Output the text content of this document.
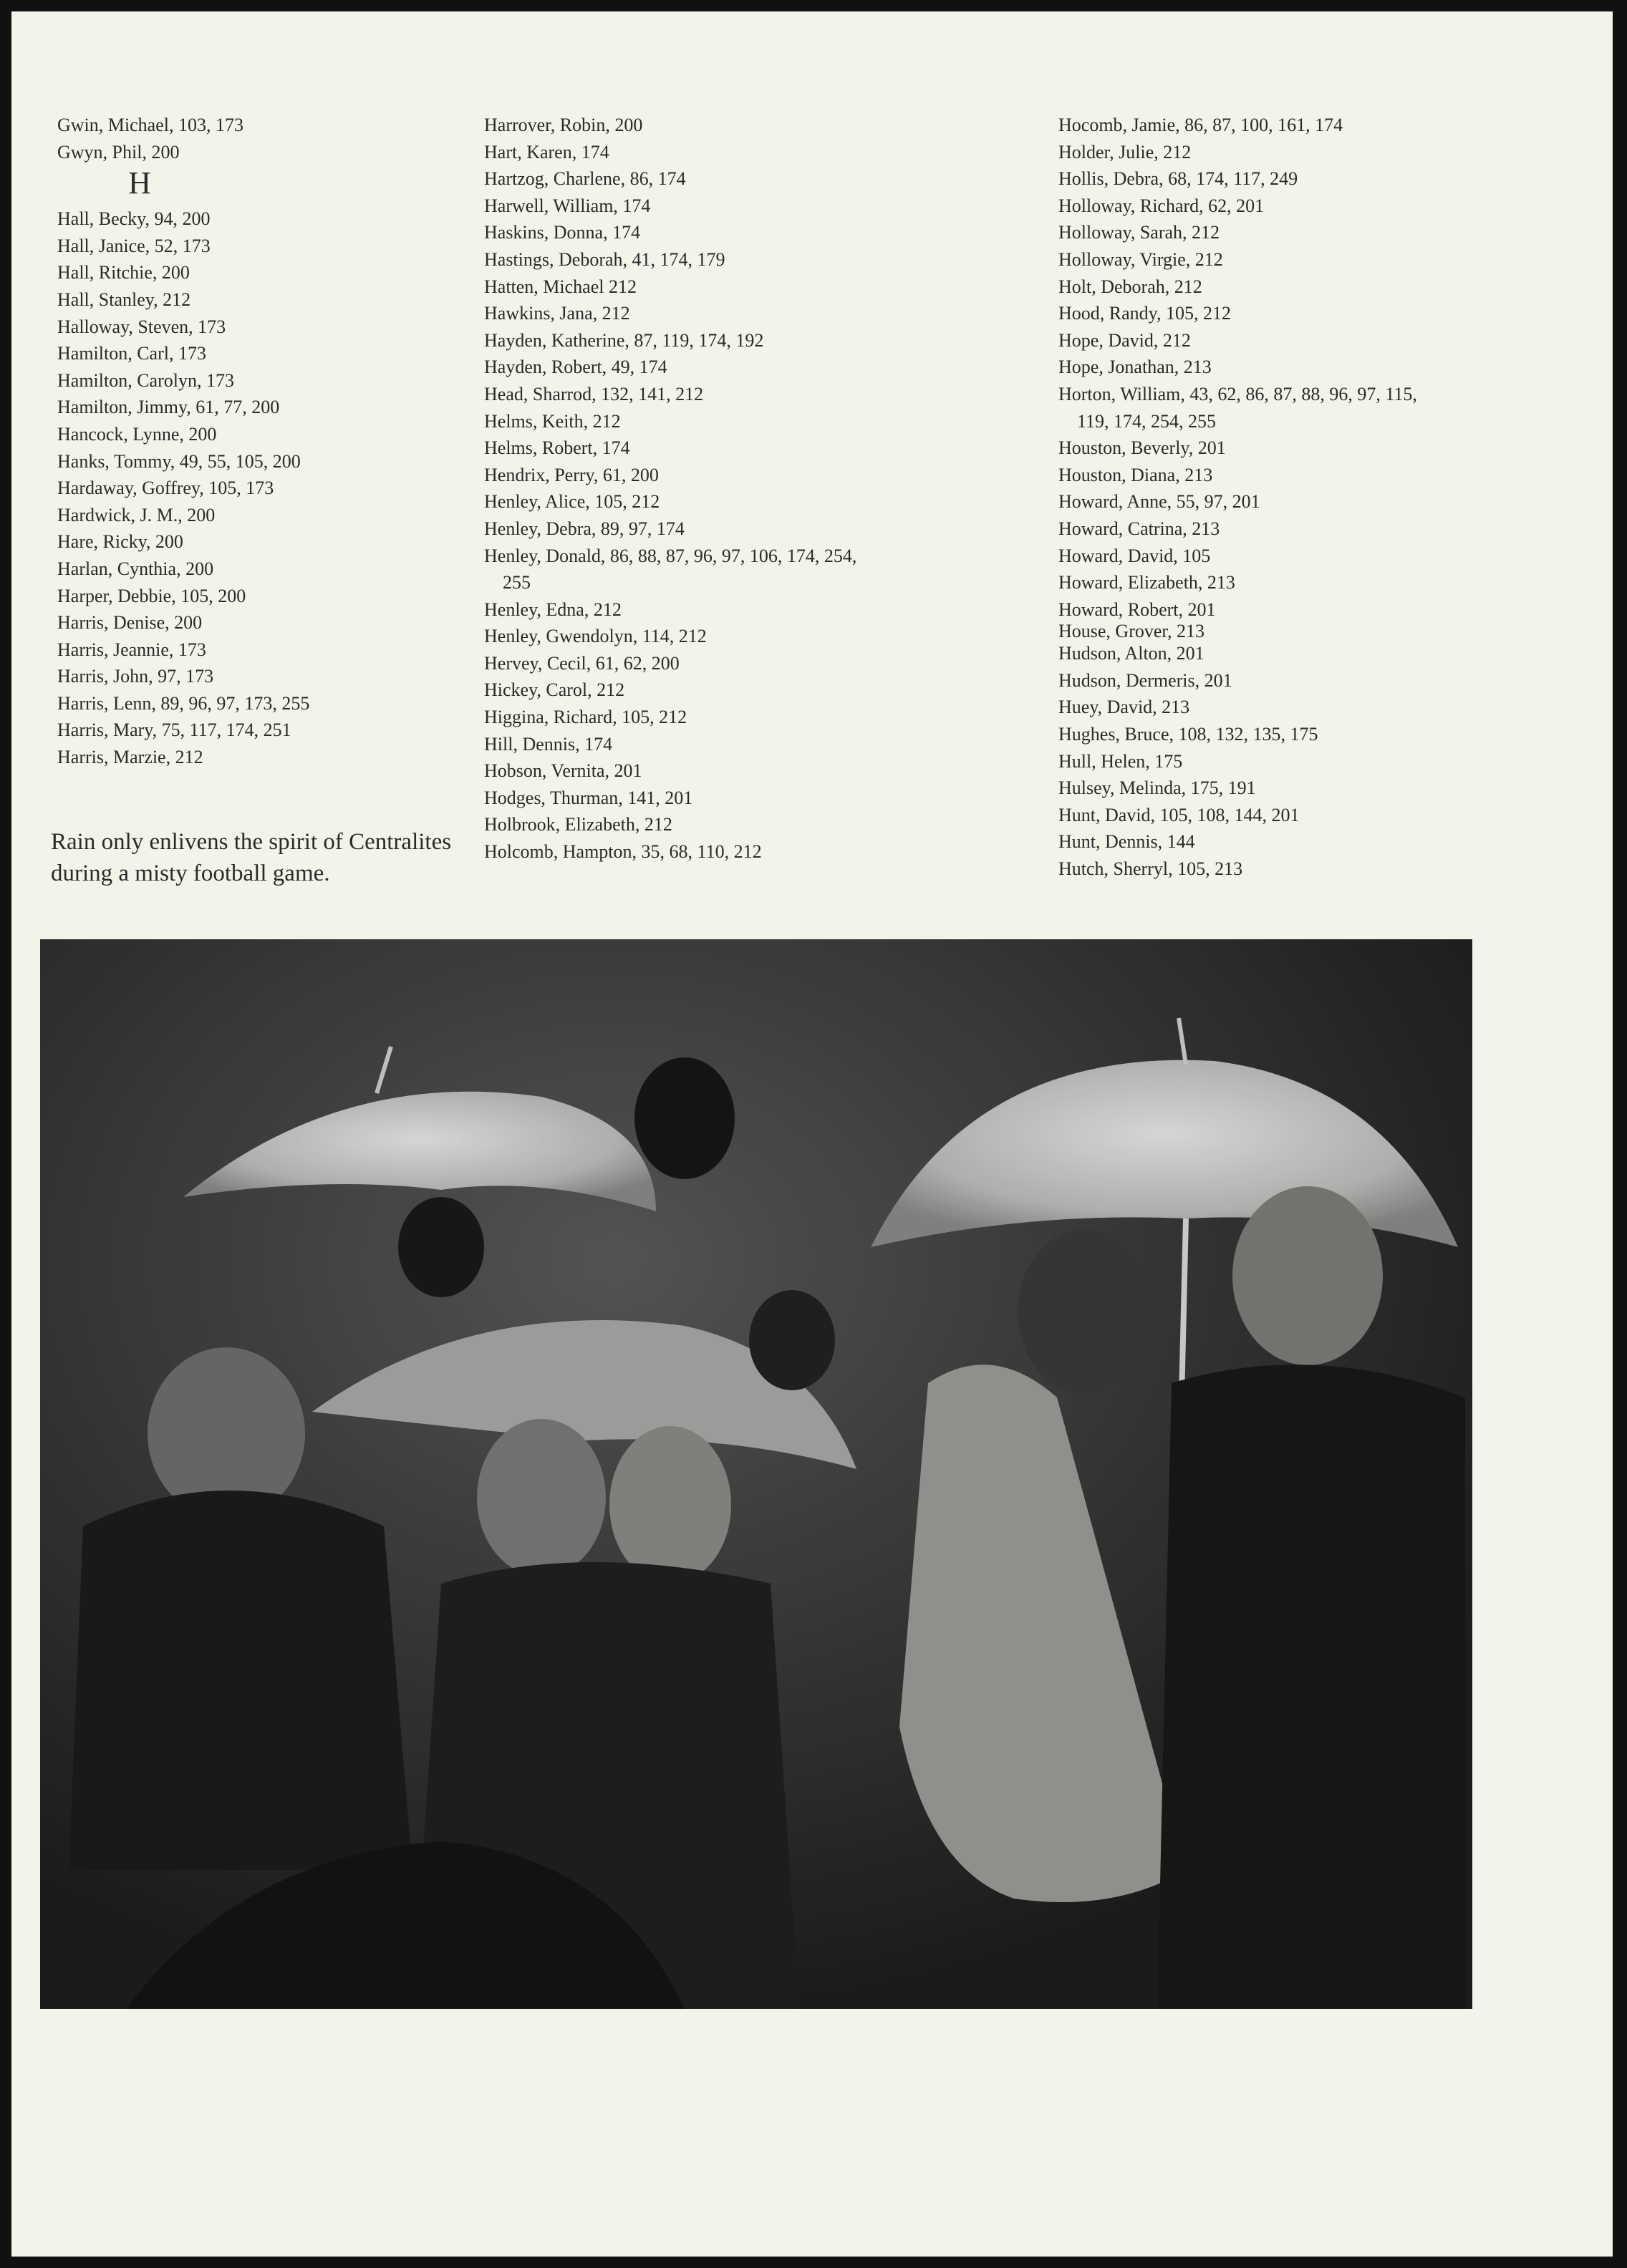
Gwin, Michael, 103, 173
Gwyn, Phil, 200
H
Hall, Becky, 94, 200
Hall, Janice, 52, 173
Hall, Ritchie, 200
Hall, Stanley, 212
Halloway, Steven, 173
Hamilton, Carl, 173
Hamilton, Carolyn, 173
Hamilton, Jimmy, 61, 77, 200
Hancock, Lynne, 200
Hanks, Tommy, 49, 55, 105, 200
Hardaway, Goffrey, 105, 173
Hardwick, J. M., 200
Hare, Ricky, 200
Harlan, Cynthia, 200
Harper, Debbie, 105, 200
Harris, Denise, 200
Harris, Jeannie, 173
Harris, John, 97, 173
Harris, Lenn, 89, 96, 97, 173, 255
Harris, Mary, 75, 117, 174, 251
Harris, Marzie, 212
Harrover, Robin, 200
Hart, Karen, 174
Hartzog, Charlene, 86, 174
Harwell, William, 174
Haskins, Donna, 174
Hastings, Deborah, 41, 174, 179
Hatten, Michael 212
Hawkins, Jana, 212
Hayden, Katherine, 87, 119, 174, 192
Hayden, Robert, 49, 174
Head, Sharrod, 132, 141, 212
Helms, Keith, 212
Helms, Robert, 174
Hendrix, Perry, 61, 200
Henley, Alice, 105, 212
Henley, Debra, 89, 97, 174
Henley, Donald, 86, 88, 87, 96, 97, 106, 174, 254,
255
Henley, Edna, 212
Henley, Gwendolyn, 114, 212
Hervey, Cecil, 61, 62, 200
Hickey, Carol, 212
Higgina, Richard, 105, 212
Hill, Dennis, 174
Hobson, Vernita, 201
Hodges, Thurman, 141, 201
Holbrook, Elizabeth, 212
Holcomb, Hampton, 35, 68, 110, 212
Hocomb, Jamie, 86, 87, 100, 161, 174
Holder, Julie, 212
Hollis, Debra, 68, 174, 117, 249
Holloway, Richard, 62, 201
Holloway, Sarah, 212
Holloway, Virgie, 212
Holt, Deborah, 212
Hood, Randy, 105, 212
Hope, David, 212
Hope, Jonathan, 213
Horton, William, 43, 62, 86, 87, 88, 96, 97, 115,
119, 174, 254, 255
Houston, Beverly, 201
Houston, Diana, 213
Howard, Anne, 55, 97, 201
Howard, Catrina, 213
Howard, David, 105
Howard, Elizabeth, 213
Howard, Robert, 201
House, Grover, 213
Hudson, Alton, 201
Hudson, Dermeris, 201
Huey, David, 213
Hughes, Bruce, 108, 132, 135, 175
Hull, Helen, 175
Hulsey, Melinda, 175, 191
Hunt, David, 105, 108, 144, 201
Hunt, Dennis, 144
Hutch, Sherryl, 105, 213
Rain only enlivens the spirit of Centralites
during a misty football game.
